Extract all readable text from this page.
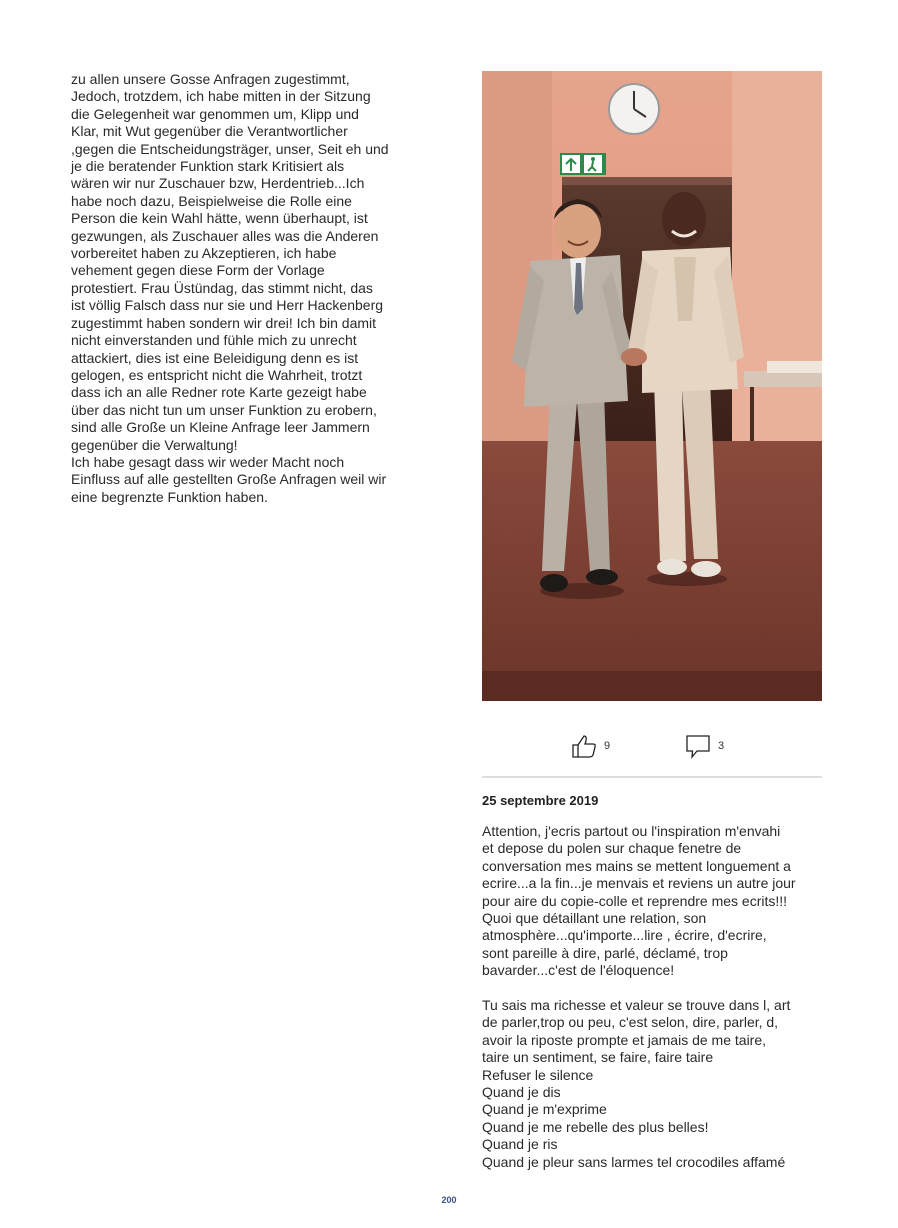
zu allen unsere Gosse Anfragen zugestimmt,

Jedoch, trotzdem, ich habe mitten in der Sitzung

die Gelegenheit war genommen um, Klipp und

Klar, mit Wut gegenüber die Verantwortlicher

,gegen die Entscheidungsträger, unser, Seit eh und

je die beratender Funktion stark Kritisiert als

wären wir nur Zuschauer bzw, Herdentrieb...Ich

habe noch dazu, Beispielweise die Rolle eine

Person die kein Wahl hätte, wenn überhaupt, ist

gezwungen, als Zuschauer alles was die Anderen

vorbereitet haben zu Akzeptieren, ich habe

vehement gegen diese Form der Vorlage

protestiert. Frau Üstündag, das stimmt nicht, das

ist völlig Falsch dass nur sie und Herr Hackenberg

zugestimmt haben sondern wir drei! Ich bin damit

nicht einverstanden und fühle mich zu unrecht

attackiert, dies ist eine Beleidigung denn es ist

gelogen, es entspricht nicht die Wahrheit, trotzt

dass ich an alle Redner rote Karte gezeigt habe

über das nicht tun um unser Funktion zu erobern,

sind alle Große un Kleine Anfrage leer Jammern

gegenüber die Verwaltung!

Ich habe gesagt dass wir weder Macht noch

Einfluss auf alle gestellten Große Anfragen weil wir

eine begrenzte Funktion haben.

9	3
25 septembre 2019

Attention, j'ecris partout ou l'inspiration m'envahi

et depose du polen sur chaque fenetre de

conversation mes mains se mettent longuement a

ecrire...a la fin...je menvais et reviens un autre jour

pour aire du copie-colle et reprendre mes ecrits!!!

Quoi que détaillant une relation, son

atmosphère...qu'importe...lire , écrire, d'ecrire,

sont pareille à dire, parlé, déclamé, trop

bavarder...c'est de l'éloquence!

Tu sais ma richesse et valeur se trouve dans l, art

de parler,trop ou peu, c'est selon, dire, parler, d,

avoir la riposte prompte et jamais de me taire,

taire un sentiment, se faire, faire taire

Refuser le silence

Quand je dis

Quand je m'exprime

Quand je me rebelle des plus belles!

Quand je ris

Quand je pleur sans larmes tel crocodiles affamé

200
